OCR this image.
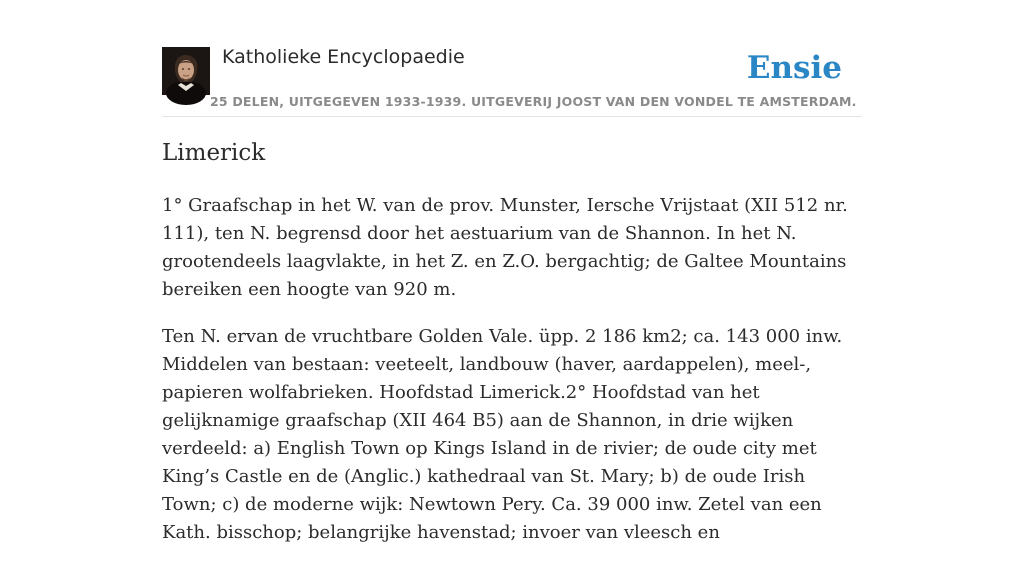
Katholieke Encyclopaedie
25 DELEN, UITGEGEVEN 1933-1939. UITGEVERIJ JOOST VAN DEN VONDEL TE AMSTERDAM.
Ensie
Limerick

1° Graafschap in het W. van de prov. Munster, Iersche Vrijstaat (XII 512 nr. 111), ten N. begrensd door het aestuarium van de Shannon. In het N. grootendeels laagvlakte, in het Z. en Z.O. bergachtig; de Galtee Mountains bereiken een hoogte van 920 m.

Ten N. ervan de vruchtbare Golden Vale. üpp. 2 186 km2; ca. 143 000 inw. Middelen van bestaan: veeteelt, landbouw (haver, aardappelen), meel-, papieren wolfabrieken. Hoofdstad Limerick.2° Hoofdstad van het gelijknamige graafschap (XII 464 B5) aan de Shannon, in drie wijken verdeeld: a) English Town op Kings Island in de rivier; de oude city met King’s Castle en de (Anglic.) kathedraal van St. Mary; b) de oude Irish Town; c) de moderne wijk: Newtown Pery. Ca. 39 000 inw. Zetel van een Kath. bisschop; belangrijke havenstad; invoer van vleesch en
